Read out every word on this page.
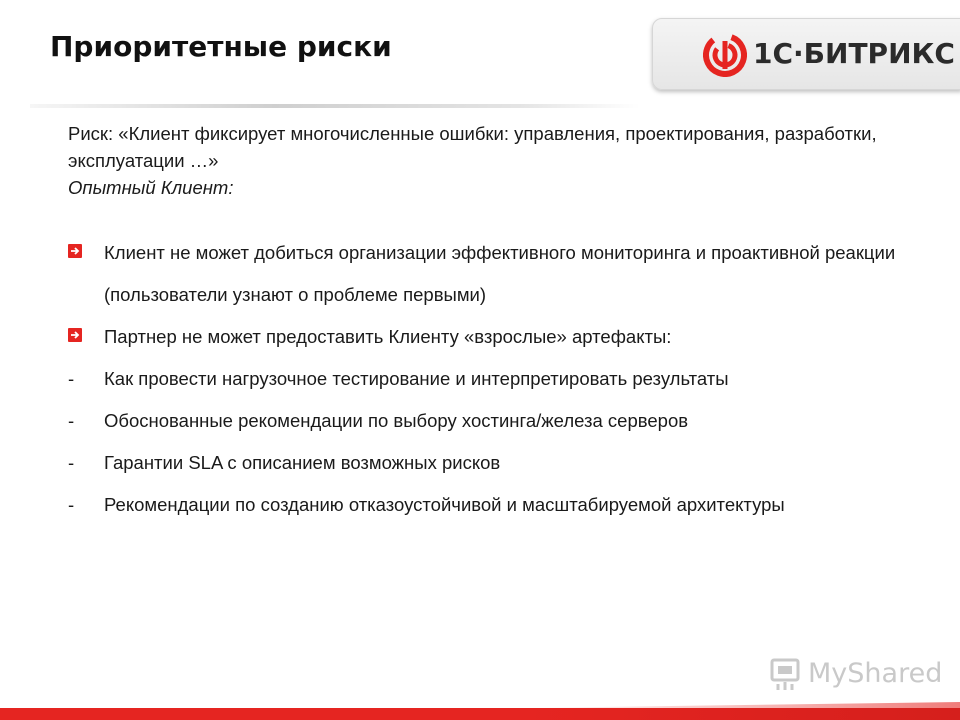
Приоритетные риски	1С·БИТРИКС

Риск: «Клиент фиксирует многочисленные ошибки: управления, проектирования, разработки, эксплуатации …»

Опытный Клиент:

Клиент не может добиться организации эффективного мониторинга и проактивной реакции (пользователи узнают о проблеме первыми)
Партнер не может предоставить Клиенту «взрослые» артефакты:
- Как провести нагрузочное тестирование и интерпретировать результаты
- Обоснованные рекомендации по выбору хостинга/железа серверов
- Гарантии SLA с описанием возможных рисков
- Рекомендации по созданию отказоустойчивой и масштабируемой архитектуры
MyShared
